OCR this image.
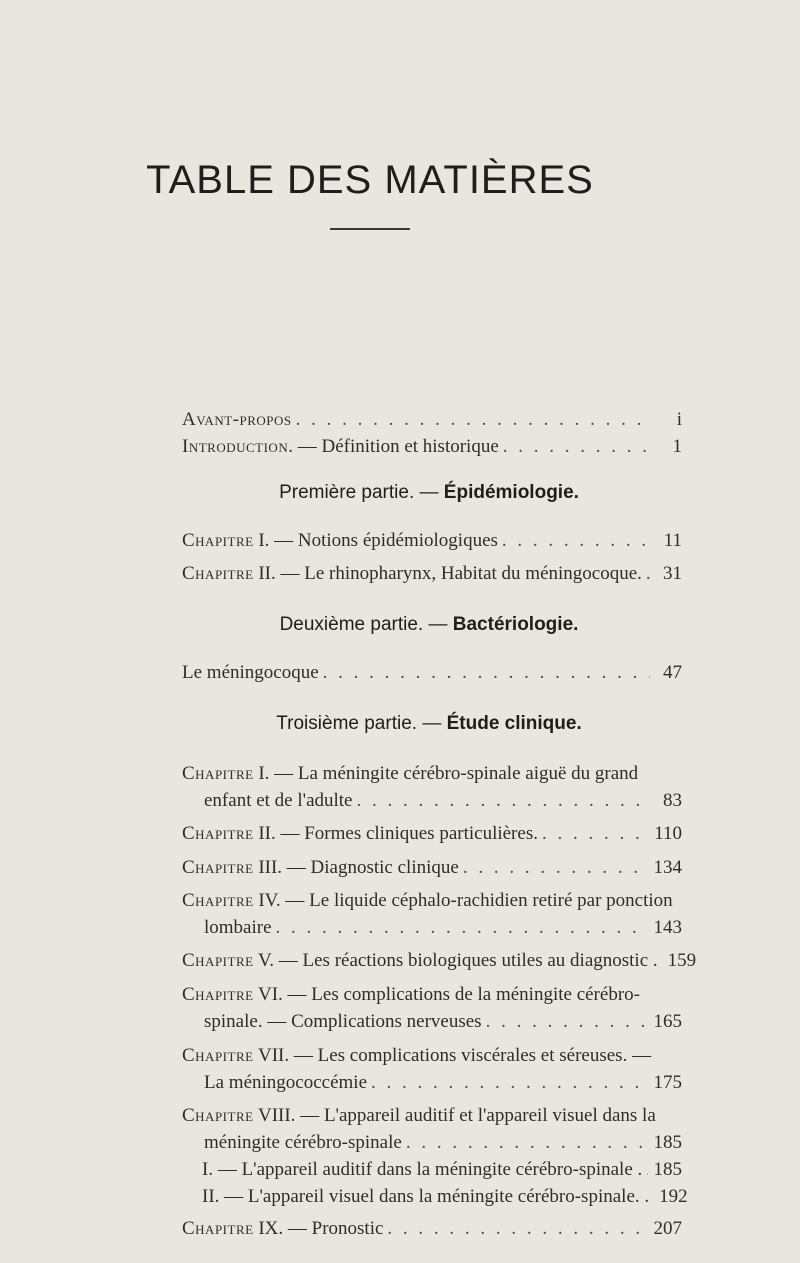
TABLE DES MATIÈRES
Avant-propos . . .	i
Introduction. — Définition et historique . . .	1
Première partie. — Épidémiologie.
Chapitre I. — Notions épidémiologiques . . .	11
Chapitre II. — Le rhinopharynx, Habitat du méningocoque. . . .	31
Deuxième partie. — Bactériologie.
Le méningocoque . . .	47
Troisième partie. — Étude clinique.
Chapitre I. — La méningite cérébro-spinale aiguë du grand
enfant et de l'adulte . . .	83
Chapitre II. — Formes cliniques particulières. . . .	110
Chapitre III. — Diagnostic clinique . . .	134
Chapitre IV. — Le liquide céphalo-rachidien retiré par ponction
lombaire . . .	143
Chapitre V. — Les réactions biologiques utiles au diagnostic . 159
Chapitre VI. — Les complications de la méningite cérébro-
spinale. — Complications nerveuses . . .	165
Chapitre VII. — Les complications viscérales et séreuses. —
La méningococcémie . . .	175
Chapitre VIII. — L'appareil auditif et l'appareil visuel dans la
méningite cérébro-spinale . . .	185
I. — L'appareil auditif dans la méningite cérébro-spinale . . . . 185
II. — L'appareil visuel dans la méningite cérébro-spinale. . 192
Chapitre IX. — Pronostic . . .	207
